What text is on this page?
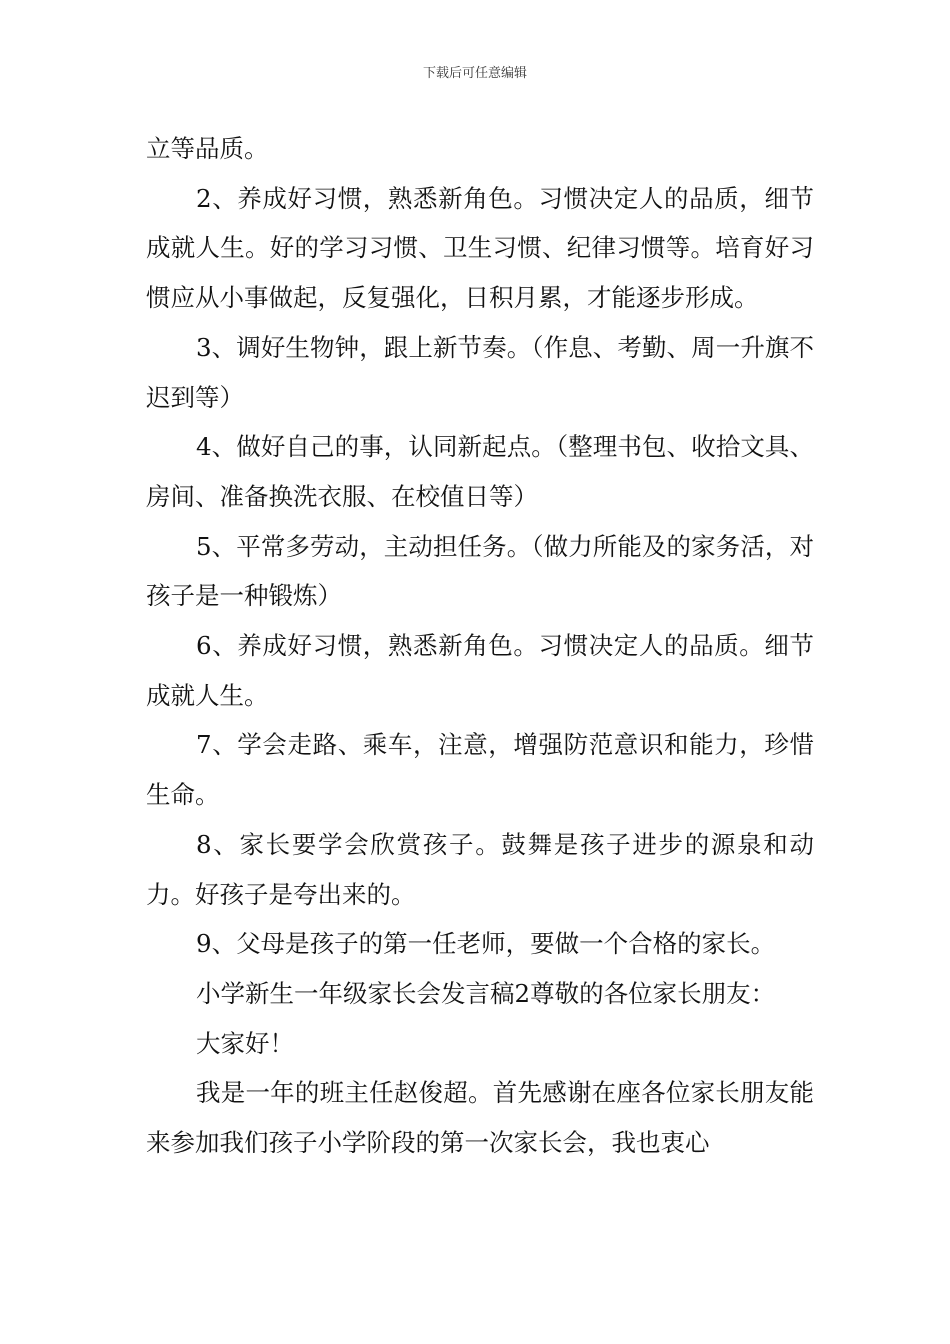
下载后可任意编辑

立等品质。

2、养成好习惯，熟悉新角色。习惯决定人的品质，细节成就人生。好的学习习惯、卫生习惯、纪律习惯等。培育好习惯应从小事做起，反复强化，日积月累，才能逐步形成。

3、调好生物钟，跟上新节奏。（作息、考勤、周一升旗不迟到等）

4、做好自己的事，认同新起点。（整理书包、收拾文具、房间、准备换洗衣服、在校值日等）

5、平常多劳动，主动担任务。（做力所能及的家务活，对孩子是一种锻炼）

6、养成好习惯，熟悉新角色。习惯决定人的品质。细节成就人生。

7、学会走路、乘车，注意，增强防范意识和能力，珍惜生命。

8、家长要学会欣赏孩子。鼓舞是孩子进步的源泉和动力。好孩子是夸出来的。

9、父母是孩子的第一任老师，要做一个合格的家长。

小学新生一年级家长会发言稿2尊敬的各位家长朋友：

大家好！

我是一年的班主任赵俊超。首先感谢在座各位家长朋友能来参加我们孩子小学阶段的第一次家长会，我也衷心
